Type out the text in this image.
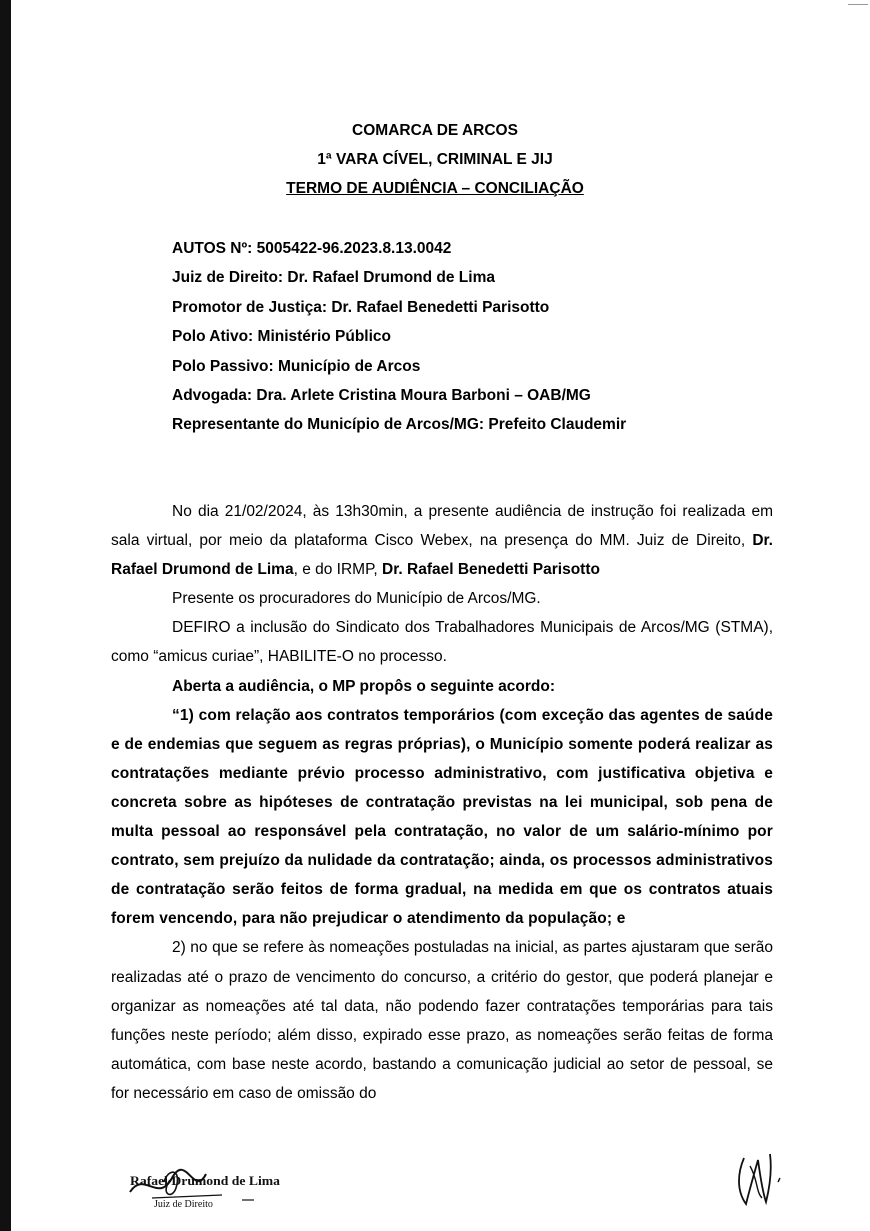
COMARCA DE ARCOS
1ª VARA CÍVEL, CRIMINAL E JIJ
TERMO DE AUDIÊNCIA – CONCILIAÇÃO
AUTOS Nº: 5005422-96.2023.8.13.0042
Juiz de Direito: Dr. Rafael Drumond de Lima
Promotor de Justiça: Dr. Rafael Benedetti Parisotto
Polo Ativo: Ministério Público
Polo Passivo: Município de Arcos
Advogada: Dra. Arlete Cristina Moura Barboni – OAB/MG
Representante do Município de Arcos/MG: Prefeito Claudemir

No dia 21/02/2024, às 13h30min, a presente audiência de instrução foi realizada em sala virtual, por meio da plataforma Cisco Webex, na presença do MM. Juiz de Direito, Dr. Rafael Drumond de Lima, e do IRMP, Dr. Rafael Benedetti Parisotto

Presente os procuradores do Município de Arcos/MG.

DEFIRO a inclusão do Sindicato dos Trabalhadores Municipais de Arcos/MG (STMA), como “amicus curiae”, HABILITE-O no processo.

Aberta a audiência, o MP propôs o seguinte acordo:

“1) com relação aos contratos temporários (com exceção das agentes de saúde e de endemias que seguem as regras próprias), o Município somente poderá realizar as contratações mediante prévio processo administrativo, com justificativa objetiva e concreta sobre as hipóteses de contratação previstas na lei municipal, sob pena de multa pessoal ao responsável pela contratação, no valor de um salário-mínimo por contrato, sem prejuízo da nulidade da contratação; ainda, os processos administrativos de contratação serão feitos de forma gradual, na medida em que os contratos atuais forem vencendo, para não prejudicar o atendimento da população; e

2) no que se refere às nomeações postuladas na inicial, as partes ajustaram que serão realizadas até o prazo de vencimento do concurso, a critério do gestor, que poderá planejar e organizar as nomeações até tal data, não podendo fazer contratações temporárias para tais funções neste período; além disso, expirado esse prazo, as nomeações serão feitas de forma automática, com base neste acordo, bastando a comunicação judicial ao setor de pessoal, se for necessário em caso de omissão do

Rafael Drumond de Lima
Juiz de Direito
